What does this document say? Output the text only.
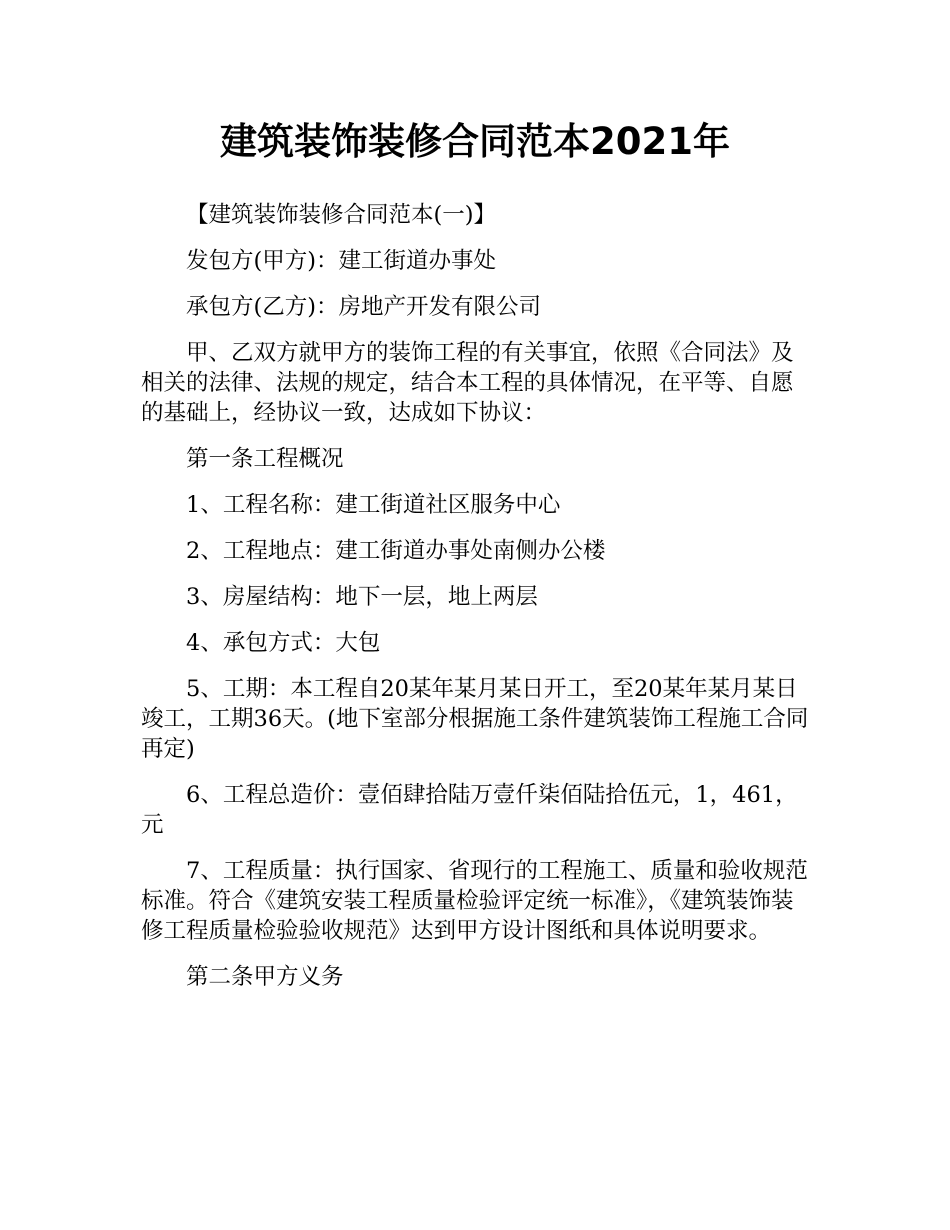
建筑装饰装修合同范本2021年

【建筑装饰装修合同范本(一)】

发包方(甲方)：建工街道办事处

承包方(乙方)：房地产开发有限公司

甲、乙双方就甲方的装饰工程的有关事宜，依照《合同法》及相关的法律、法规的规定，结合本工程的具体情况，在平等、自愿的基础上，经协议一致，达成如下协议：

第一条工程概况

1、工程名称：建工街道社区服务中心

2、工程地点：建工街道办事处南侧办公楼

3、房屋结构：地下一层，地上两层

4、承包方式：大包

5、工期：本工程自20某年某月某日开工，至20某年某月某日竣工，工期36天。(地下室部分根据施工条件建筑装饰工程施工合同再定)

6、工程总造价：壹佰肆拾陆万壹仟柒佰陆拾伍元，1，461，元

7、工程质量：执行国家、省现行的工程施工、质量和验收规范标准。符合《建筑安装工程质量检验评定统一标准》，《建筑装饰装修工程质量检验验收规范》达到甲方设计图纸和具体说明要求。

第二条甲方义务
